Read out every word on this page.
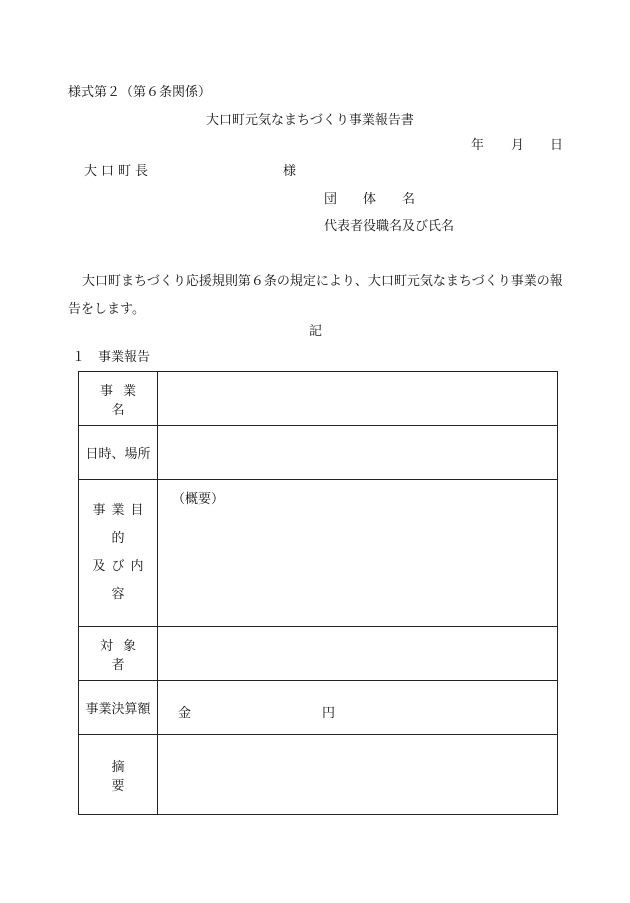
様式第２（第６条関係）
大口町元気なまちづくり事業報告書
年 月 日
大口町長	様
団 体 名
代表者役職名及び氏名
大口町まちづくり応援規則第６条の規定により、大口町元気なまちづくり事業の報告をします。
記
１　事業報告
事業名	
日時、場所	
事業目的
及び内容	（概要）

対象者	
事業決算額	金 円

摘要	
